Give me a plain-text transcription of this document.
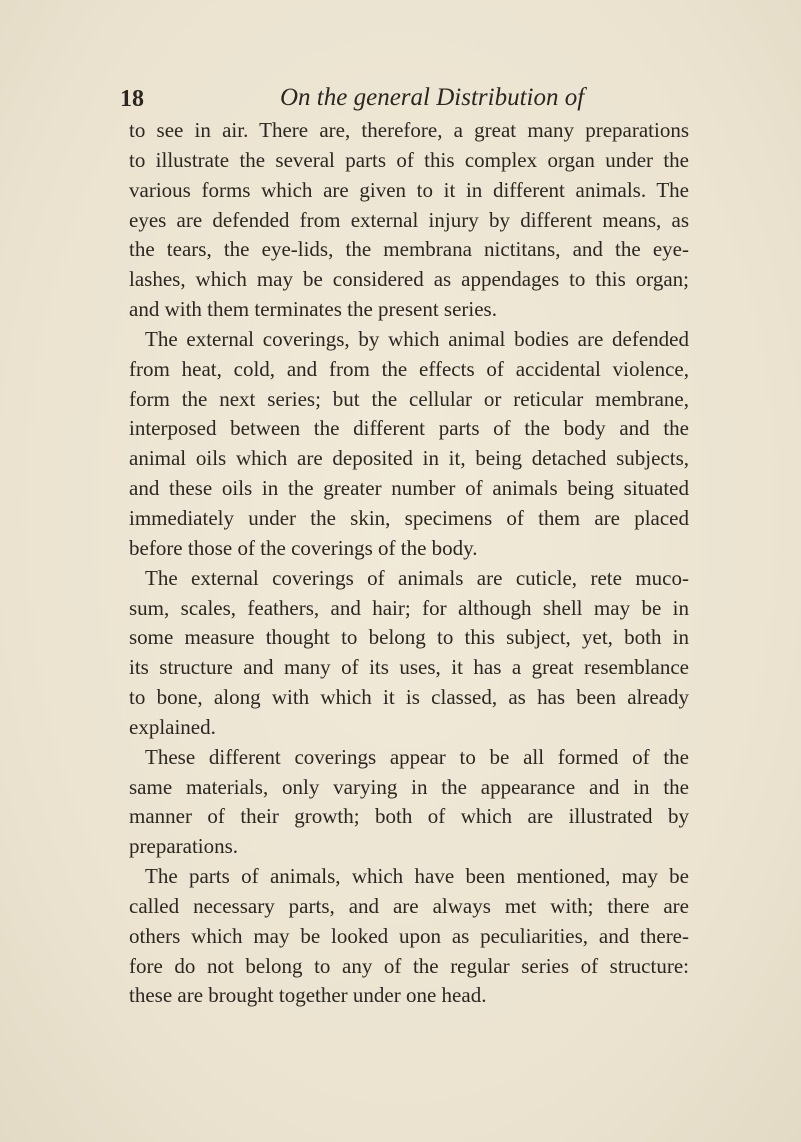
18	On the general Distribution of
to see in air. There are, therefore, a great many preparations
to illustrate the several parts of this complex organ under the
various forms which are given to it in different animals. The
eyes are defended from external injury by different means, as
the tears, the eye-lids, the membrana nictitans, and the eye-
lashes, which may be considered as appendages to this organ;
and with them terminates the present series.
The external coverings, by which animal bodies are defended
from heat, cold, and from the effects of accidental violence,
form the next series; but the cellular or reticular membrane,
interposed between the different parts of the body and the
animal oils which are deposited in it, being detached subjects,
and these oils in the greater number of animals being situated
immediately under the skin, specimens of them are placed
before those of the coverings of the body.
The external coverings of animals are cuticle, rete muco-
sum, scales, feathers, and hair; for although shell may be in
some measure thought to belong to this subject, yet, both in
its structure and many of its uses, it has a great resemblance
to bone, along with which it is classed, as has been already
explained.
These different coverings appear to be all formed of the
same materials, only varying in the appearance and in the
manner of their growth; both of which are illustrated by
preparations.
The parts of animals, which have been mentioned, may be
called necessary parts, and are always met with; there are
others which may be looked upon as peculiarities, and there-
fore do not belong to any of the regular series of structure:
these are brought together under one head.
